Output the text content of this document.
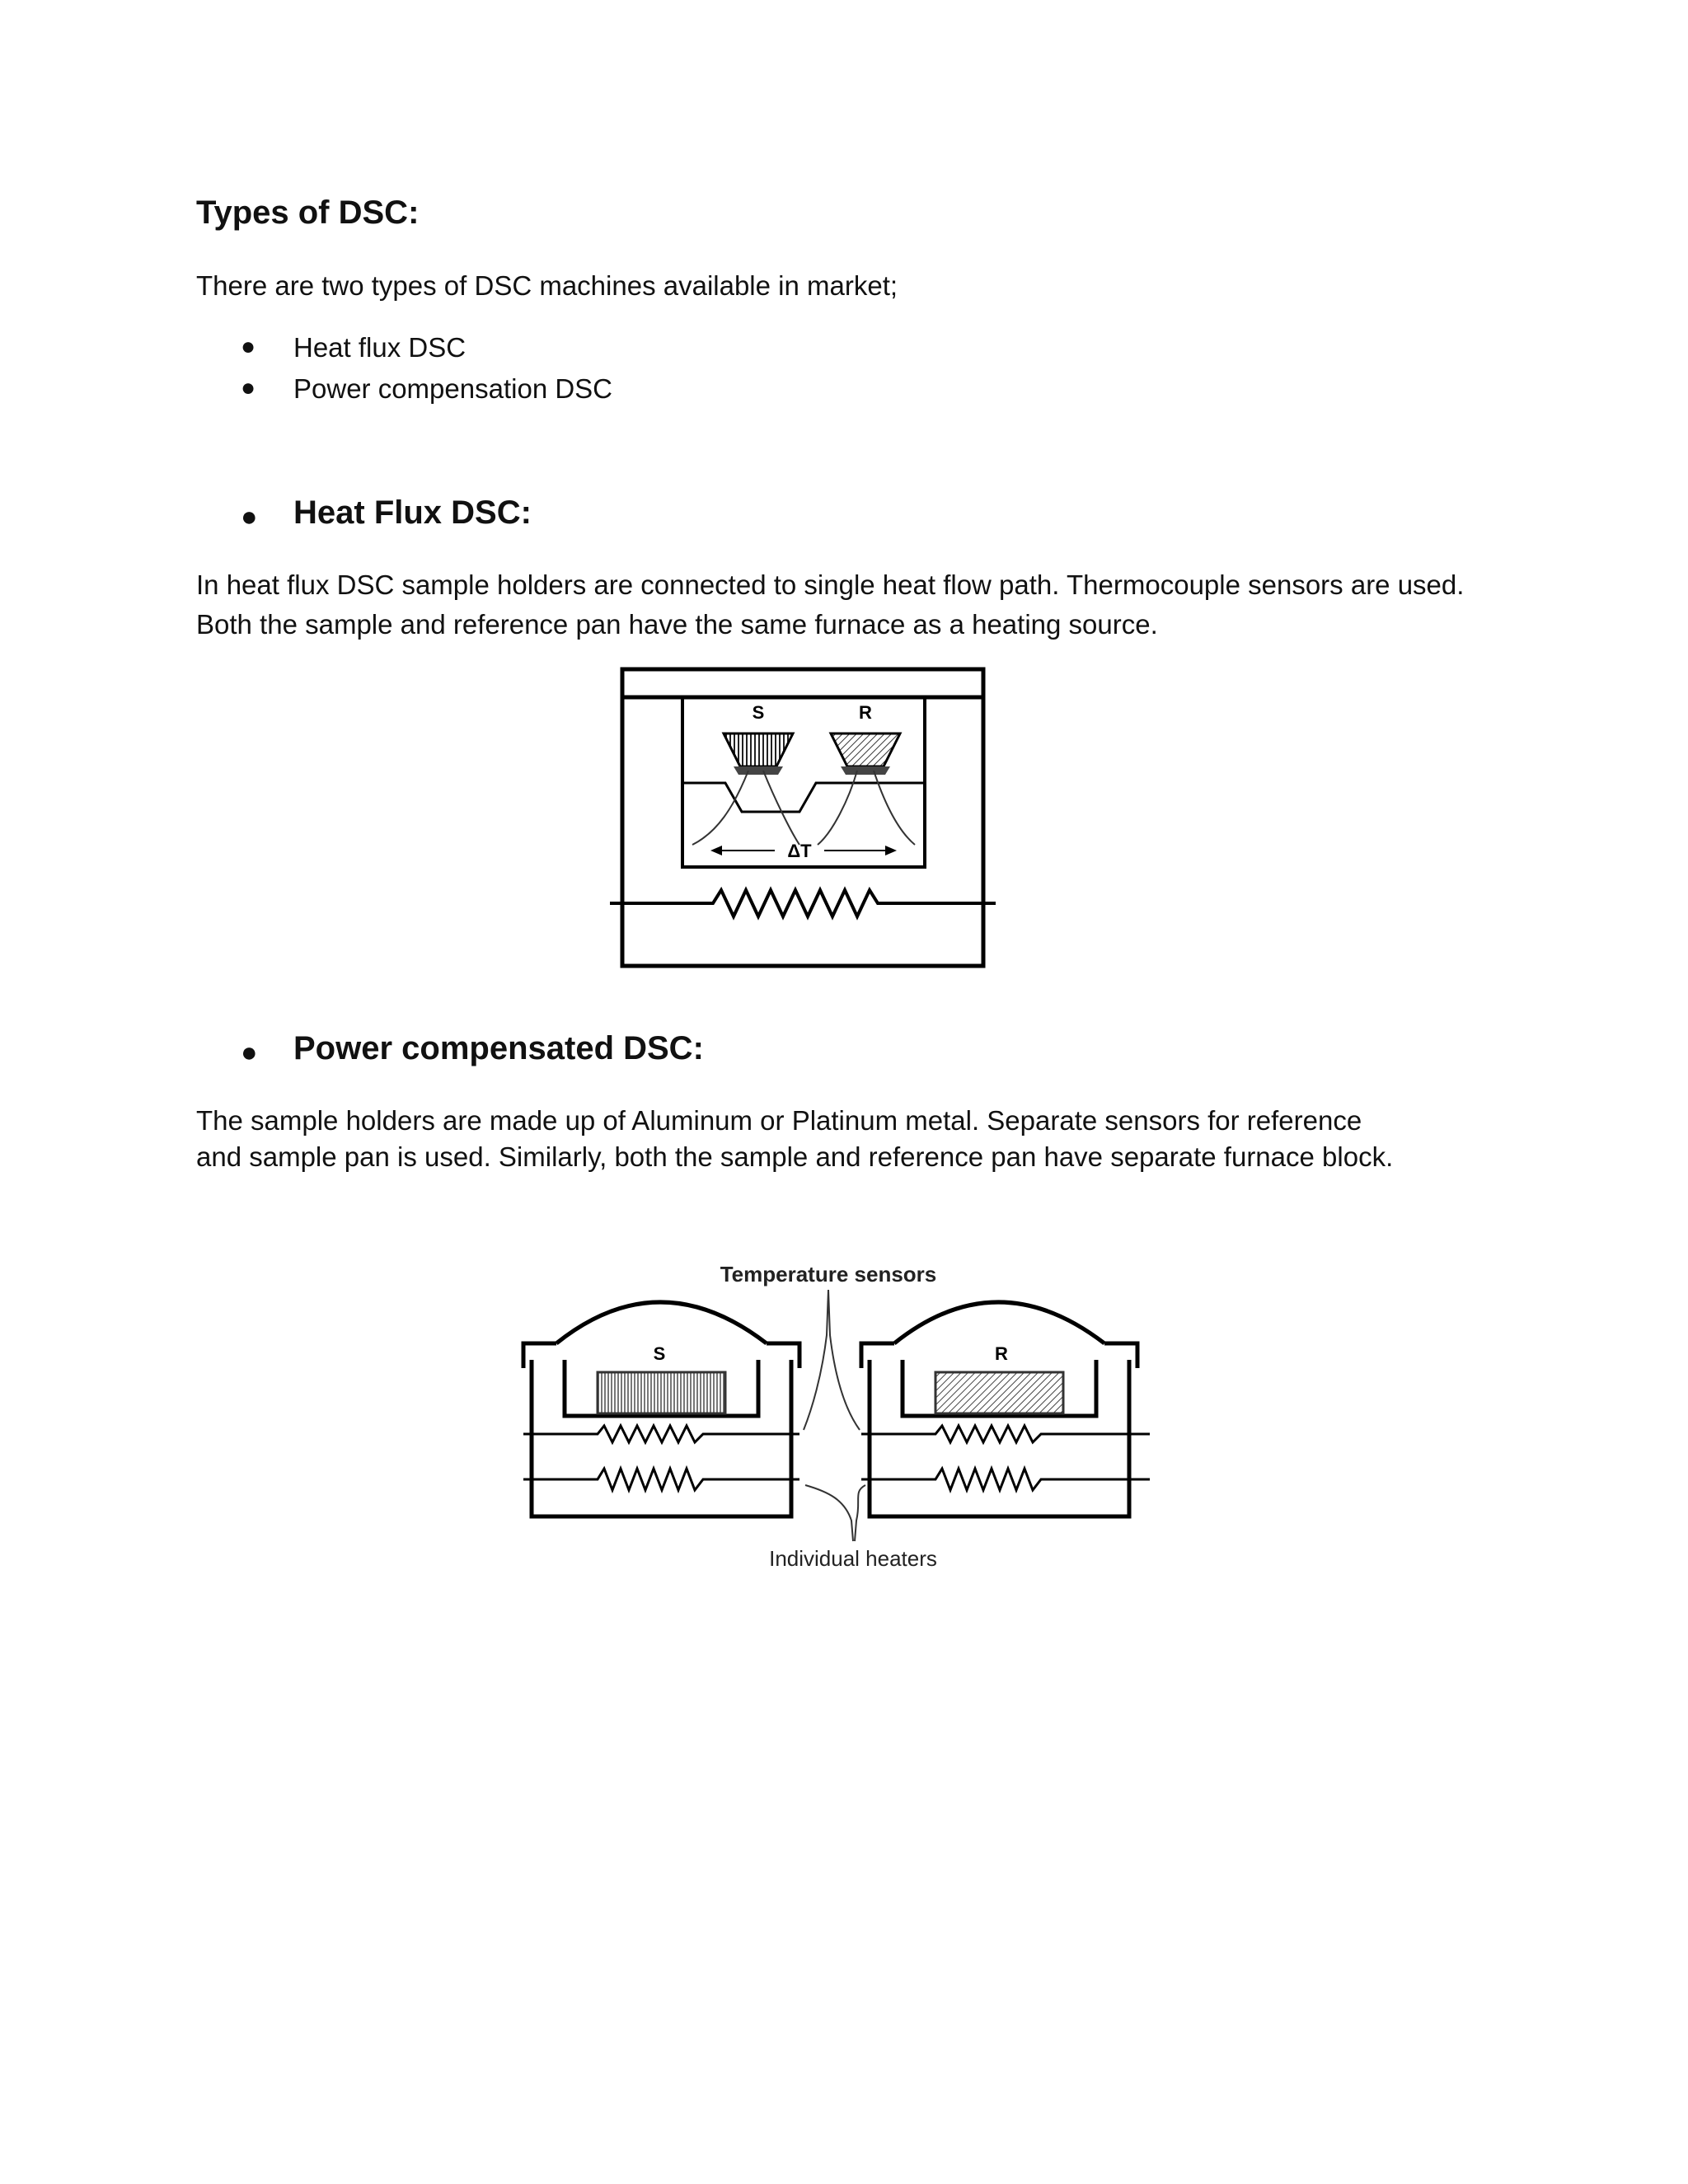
Types of DSC:

There are two types of DSC machines available in market;

● Heat flux DSC
● Power compensation DSC
● Heat Flux DSC:

In heat flux DSC sample holders are connected to single heat flow path. Thermocouple sensors are used.

Both the sample and reference pan have the same furnace as a heating source.

S	R
ΔT
● Power compensated DSC:

The sample holders are made up of Aluminum or Platinum metal. Separate sensors for reference

and sample pan is used. Similarly, both the sample and reference pan have separate furnace block.

Temperature sensors
Individual heaters
S	R
